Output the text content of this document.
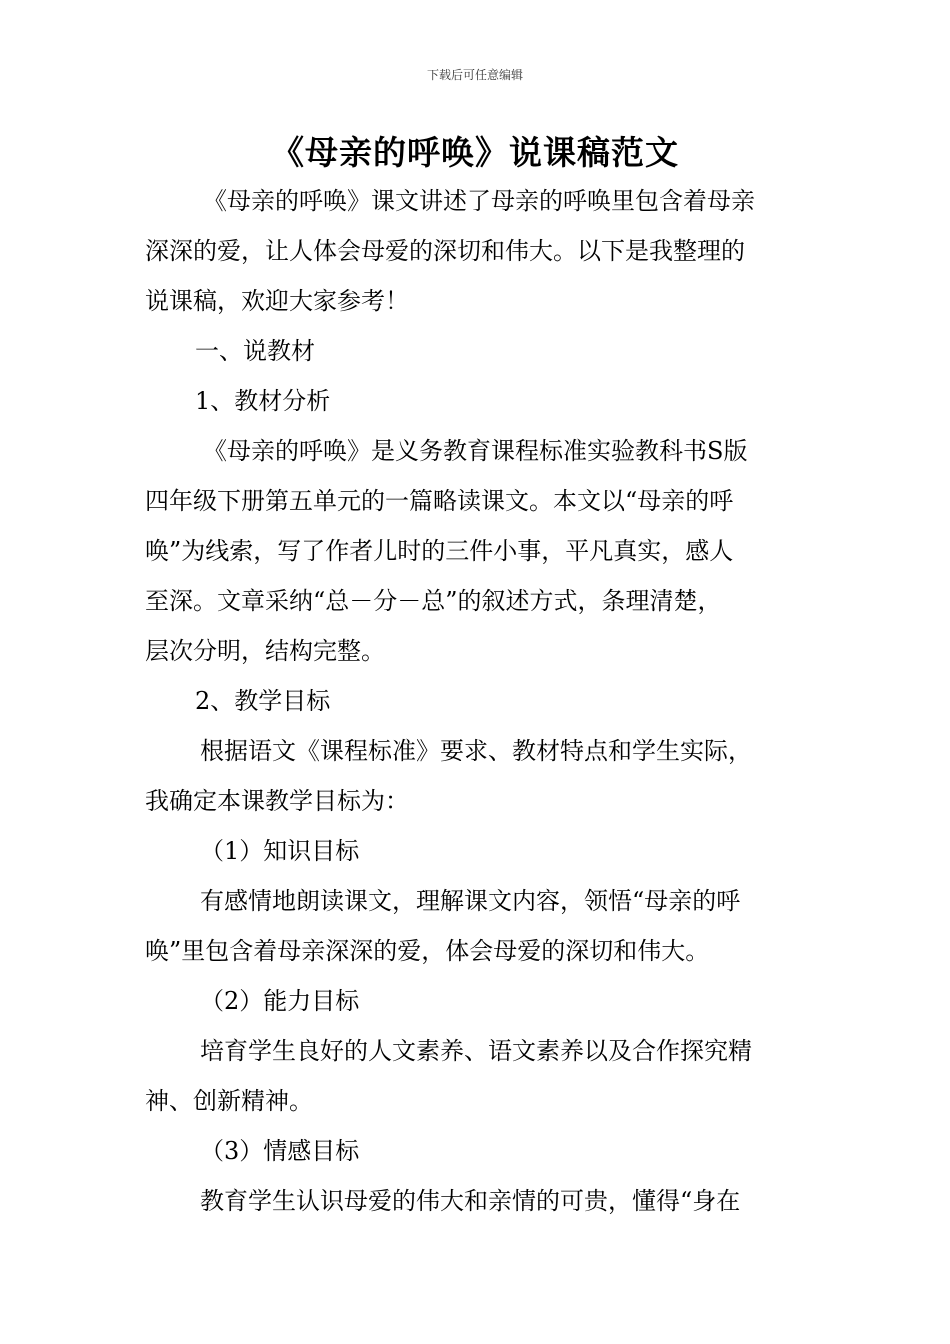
下载后可任意编辑
《母亲的呼唤》说课稿范文
《母亲的呼唤》课文讲述了母亲的呼唤里包含着母亲
深深的爱，让人体会母爱的深切和伟大。以下是我整理的
说课稿，欢迎大家参考！
一、说教材
1、教材分析
《母亲的呼唤》是义务教育课程标准实验教科书S版
四年级下册第五单元的一篇略读课文。本文以“母亲的呼
唤”为线索，写了作者儿时的三件小事，平凡真实，感人
至深。文章采纳“总－分－总”的叙述方式，条理清楚，
层次分明，结构完整。
2、教学目标
根据语文《课程标准》要求、教材特点和学生实际，
我确定本课教学目标为：
（1）知识目标
有感情地朗读课文，理解课文内容，领悟“母亲的呼
唤”里包含着母亲深深的爱，体会母爱的深切和伟大。
（2）能力目标
培育学生良好的人文素养、语文素养以及合作探究精
神、创新精神。
（3）情感目标
教育学生认识母爱的伟大和亲情的可贵，懂得“身在
